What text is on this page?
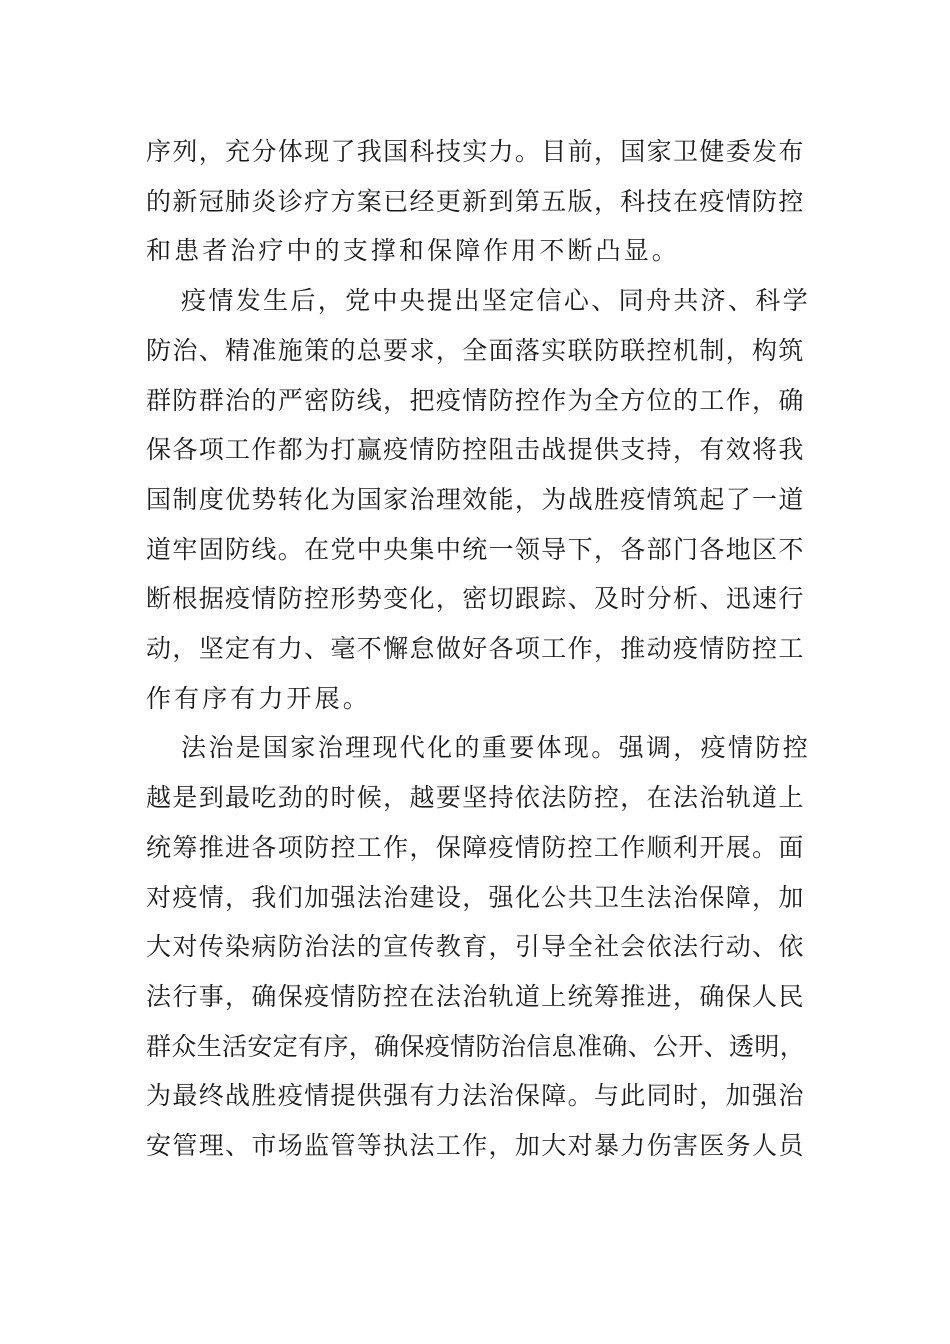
序列，充分体现了我国科技实力。目前，国家卫健委发布

的新冠肺炎诊疗方案已经更新到第五版，科技在疫情防控

和患者治疗中的支撑和保障作用不断凸显。

疫情发生后，党中央提出坚定信心、同舟共济、科学

防治、精准施策的总要求，全面落实联防联控机制，构筑

群防群治的严密防线，把疫情防控作为全方位的工作，确

保各项工作都为打赢疫情防控阻击战提供支持，有效将我

国制度优势转化为国家治理效能，为战胜疫情筑起了一道

道牢固防线。在党中央集中统一领导下，各部门各地区不

断根据疫情防控形势变化，密切跟踪、及时分析、迅速行

动，坚定有力、毫不懈怠做好各项工作，推动疫情防控工

作有序有力开展。

法治是国家治理现代化的重要体现。强调，疫情防控

越是到最吃劲的时候，越要坚持依法防控，在法治轨道上

统筹推进各项防控工作，保障疫情防控工作顺利开展。面

对疫情，我们加强法治建设，强化公共卫生法治保障，加

大对传染病防治法的宣传教育，引导全社会依法行动、依

法行事，确保疫情防控在法治轨道上统筹推进，确保人民

群众生活安定有序，确保疫情防治信息准确、公开、透明，

为最终战胜疫情提供强有力法治保障。与此同时，加强治

安管理、市场监管等执法工作，加大对暴力伤害医务人员
